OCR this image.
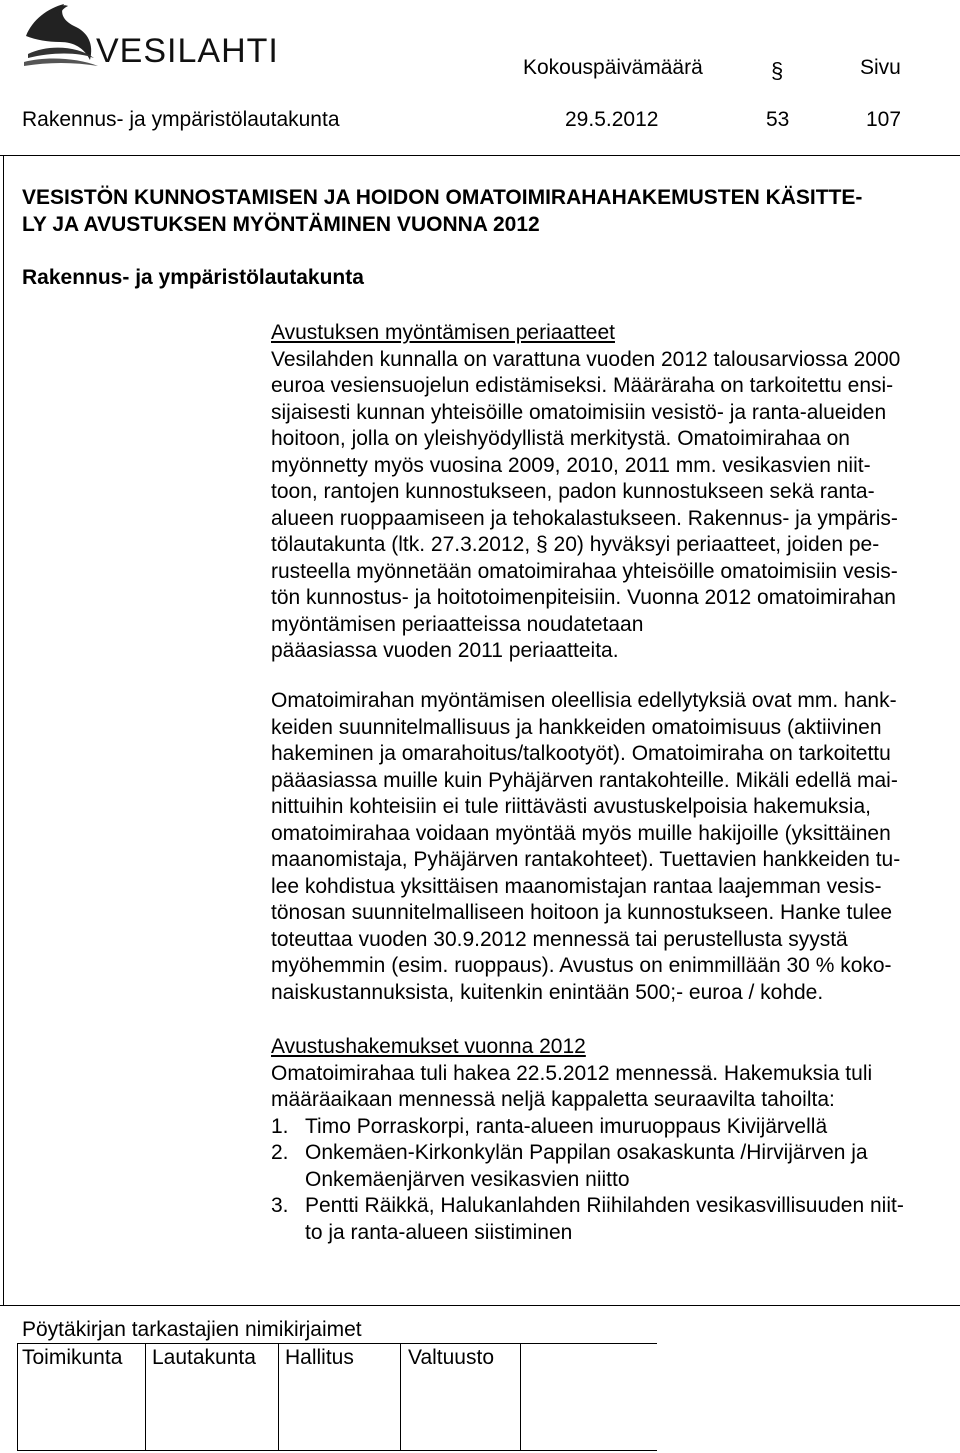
VESILAHTI	Kokouspäivämäärä	§	Sivu
Rakennus- ja ympäristölautakunta	29.5.2012	53	107
VESISTÖN KUNNOSTAMISEN JA HOIDON OMATOIMIRAHAHAKEMUSTEN KÄSITTE-
LY JA AVUSTUKSEN MYÖNTÄMINEN VUONNA 2012
Rakennus- ja ympäristölautakunta

Avustuksen myöntämisen periaatteet

Vesilahden kunnalla on varattuna vuoden 2012 talousarviossa 2000

euroa vesiensuojelun edistämiseksi. Määräraha on tarkoitettu ensi-

sijaisesti kunnan yhteisöille omatoimisiin vesistö- ja ranta-alueiden

hoitoon, jolla on yleishyödyllistä merkitystä. Omatoimirahaa on

myönnetty myös vuosina 2009, 2010, 2011 mm. vesikasvien niit-

toon, rantojen kunnostukseen, padon kunnostukseen sekä ranta-

alueen ruoppaamiseen ja tehokalastukseen. Rakennus- ja ympäris-

tölautakunta (ltk. 27.3.2012, § 20) hyväksyi periaatteet, joiden pe-

rusteella myönnetään omatoimirahaa yhteisöille omatoimisiin vesis-

tön kunnostus- ja hoitotoimenpiteisiin. Vuonna 2012 omatoimirahan

myöntämisen periaatteissa noudatetaan

pääasiassa vuoden 2011 periaatteita.

Omatoimirahan myöntämisen oleellisia edellytyksiä ovat mm. hank-

keiden suunnitelmallisuus ja hankkeiden omatoimisuus (aktiivinen

hakeminen ja omarahoitus/talkootyöt). Omatoimiraha on tarkoitettu

pääasiassa muille kuin Pyhäjärven rantakohteille. Mikäli edellä mai-

nittuihin kohteisiin ei tule riittävästi avustuskelpoisia hakemuksia,

omatoimirahaa voidaan myöntää myös muille hakijoille (yksittäinen

maanomistaja, Pyhäjärven rantakohteet). Tuettavien hankkeiden tu-

lee kohdistua yksittäisen maanomistajan rantaa laajemman vesis-

tönosan suunnitelmalliseen hoitoon ja kunnostukseen. Hanke tulee

toteuttaa vuoden 30.9.2012 mennessä tai perustellusta syystä

myöhemmin (esim. ruoppaus). Avustus on enimmillään 30 % koko-

naiskustannuksista, kuitenkin enintään 500;- euroa / kohde.

Avustushakemukset vuonna 2012

Omatoimirahaa tuli hakea 22.5.2012 mennessä. Hakemuksia tuli

määräaikaan mennessä neljä kappaletta seuraavilta tahoilta:

1. Timo Porraskorpi, ranta-alueen imuruoppaus Kivijärvellä
2. Onkemäen-Kirkonkylän Pappilan osakaskunta /Hirvijärven ja
Onkemäenjärven vesikasvien niitto
3. Pentti Räikkä, Halukanlahden Riihilahden vesikasvillisuuden niit-
to ja ranta-alueen siistiminen
Pöytäkirjan tarkastajien nimikirjaimet
Toimikunta Lautakunta Hallitus	Valtuusto
